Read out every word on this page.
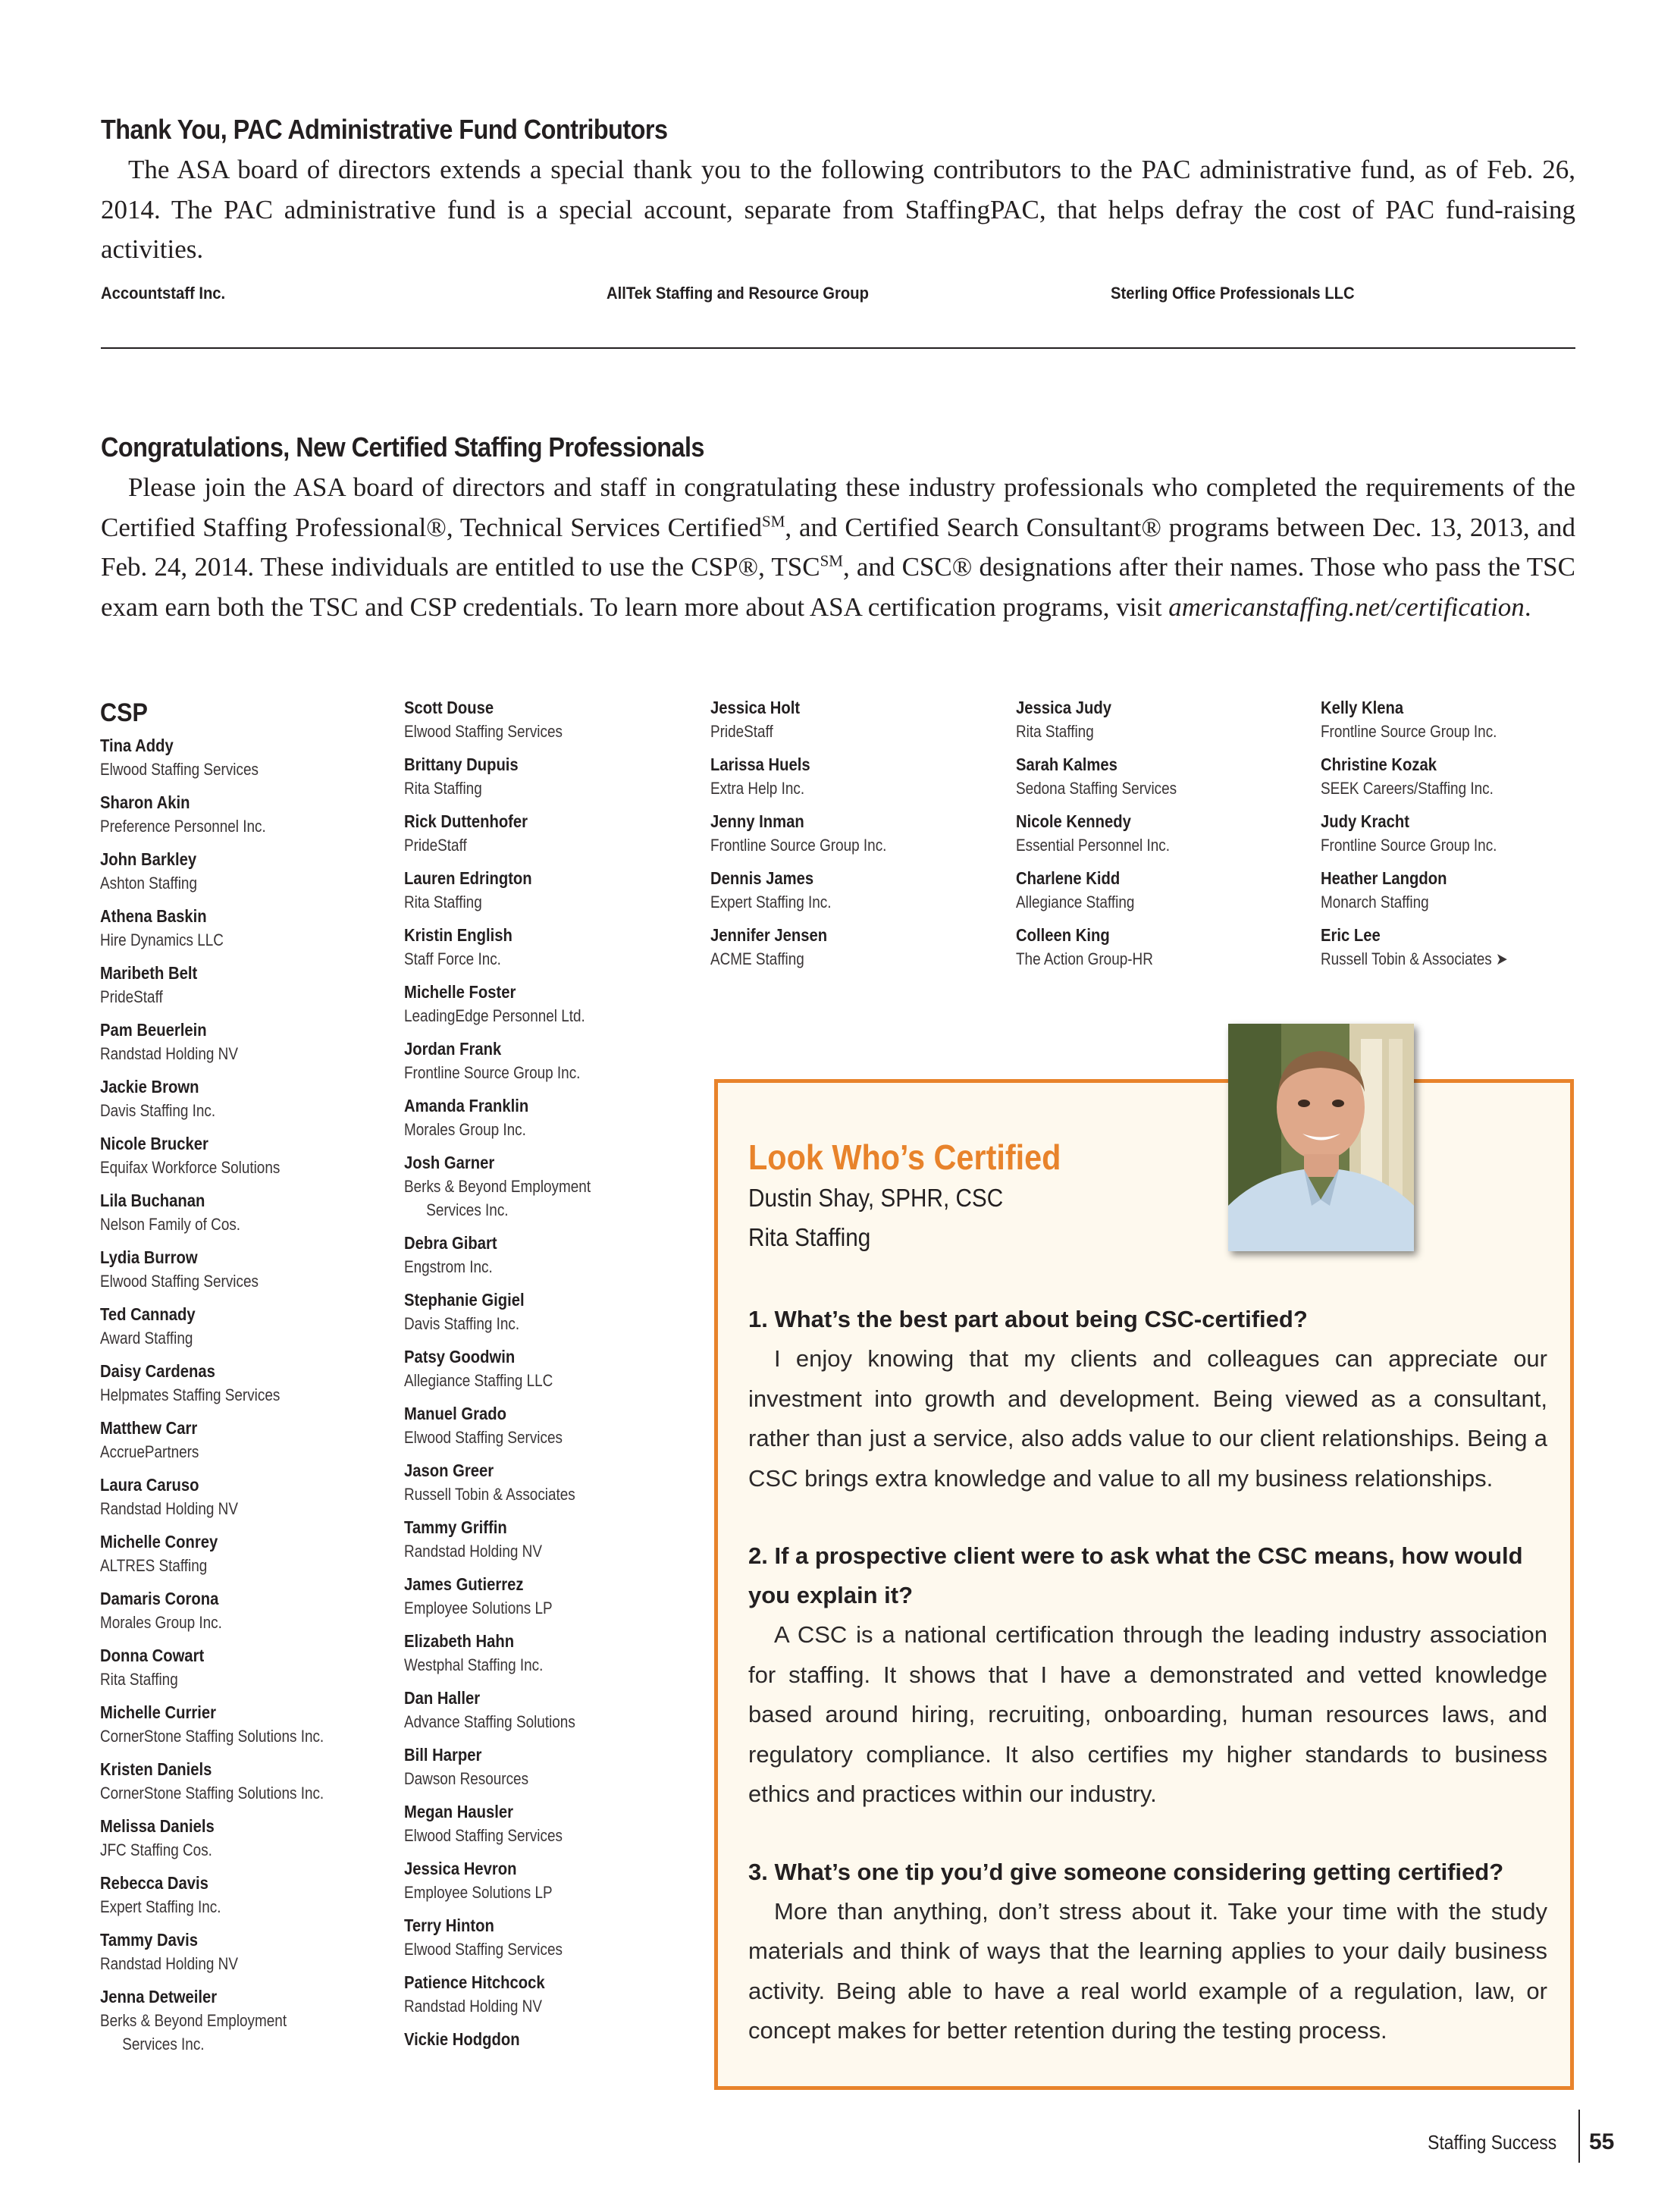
Thank You, PAC Administrative Fund Contributors

The ASA board of directors extends a special thank you to the following contributors to the PAC administrative fund, as of Feb. 26, 2014. The PAC administrative fund is a special account, separate from StaffingPAC, that helps defray the cost of PAC fund-raising activities.

Accountstaff Inc.	AllTek Staffing and Resource Group	Sterling Office Professionals LLC
Congratulations, New Certified Staffing Professionals

Please join the ASA board of directors and staff in congratulating these industry professionals who completed the requirements of the Certified Staffing Professional®, Technical Services Certified℠, and Certified Search Consultant® programs between Dec. 13, 2013, and Feb. 24, 2014. These individuals are entitled to use the CSP®, TSC℠, and CSC® designations after their names. Those who pass the TSC exam earn both the TSC and CSP credentials. To learn more about ASA certification programs, visit americanstaffing.net/certification.

CSP
Tina Addy
Elwood Staffing Services
Sharon Akin
Preference Personnel Inc.
John Barkley
Ashton Staffing
Athena Baskin
Hire Dynamics LLC
Maribeth Belt
PrideStaff
Pam Beuerlein
Randstad Holding NV
Jackie Brown
Davis Staffing Inc.
Nicole Brucker
Equifax Workforce Solutions
Lila Buchanan
Nelson Family of Cos.
Lydia Burrow
Elwood Staffing Services
Ted Cannady
Award Staffing
Daisy Cardenas
Helpmates Staffing Services
Matthew Carr
AccruePartners
Laura Caruso
Randstad Holding NV
Michelle Conrey
ALTRES Staffing
Damaris Corona
Morales Group Inc.
Donna Cowart
Rita Staffing
Michelle Currier
CornerStone Staffing Solutions Inc.
Kristen Daniels
CornerStone Staffing Solutions Inc.
Melissa Daniels
JFC Staffing Cos.
Rebecca Davis
Expert Staffing Inc.
Tammy Davis
Randstad Holding NV
Jenna Detweiler
Berks & Beyond Employment
Services Inc.
Scott Douse
Elwood Staffing Services
Brittany Dupuis
Rita Staffing
Rick Duttenhofer
PrideStaff
Lauren Edrington
Rita Staffing
Kristin English
Staff Force Inc.
Michelle Foster
LeadingEdge Personnel Ltd.
Jordan Frank
Frontline Source Group Inc.
Amanda Franklin
Morales Group Inc.
Josh Garner
Berks & Beyond Employment
Services Inc.
Debra Gibart
Engstrom Inc.
Stephanie Gigiel
Davis Staffing Inc.
Patsy Goodwin
Allegiance Staffing LLC
Manuel Grado
Elwood Staffing Services
Jason Greer
Russell Tobin & Associates
Tammy Griffin
Randstad Holding NV
James Gutierrez
Employee Solutions LP
Elizabeth Hahn
Westphal Staffing Inc.
Dan Haller
Advance Staffing Solutions
Bill Harper
Dawson Resources
Megan Hausler
Elwood Staffing Services
Jessica Hevron
Employee Solutions LP
Terry Hinton
Elwood Staffing Services
Patience Hitchcock
Randstad Holding NV
Vickie Hodgdon
Jessica Holt
PrideStaff
Larissa Huels
Extra Help Inc.
Jenny Inman
Frontline Source Group Inc.
Dennis James
Expert Staffing Inc.
Jennifer Jensen
ACME Staffing
Jessica Judy
Rita Staffing
Sarah Kalmes
Sedona Staffing Services
Nicole Kennedy
Essential Personnel Inc.
Charlene Kidd
Allegiance Staffing
Colleen King
The Action Group-HR
Kelly Klena
Frontline Source Group Inc.
Christine Kozak
SEEK Careers/Staffing Inc.
Judy Kracht
Frontline Source Group Inc.
Heather Langdon
Monarch Staffing
Eric Lee
Russell Tobin & Associates ➤
Look Who’s Certified
Dustin Shay, SPHR, CSC
Rita Staffing
1. What’s the best part about being CSC-certified?
I enjoy knowing that my clients and colleagues can appreciate our investment into growth and development. Being viewed as a consultant, rather than just a service, also adds value to our client relationships. Being a CSC brings extra knowledge and value to all my business relationships.
2. If a prospective client were to ask what the CSC means, how would you explain it?
A CSC is a national certification through the leading industry association for staffing. It shows that I have a demonstrated and vetted knowledge based around hiring, recruiting, onboarding, human resources laws, and regulatory compliance. It also certifies my higher standards to business ethics and practices within our industry.
3. What’s one tip you’d give someone considering getting certified?
More than anything, don’t stress about it. Take your time with the study materials and think of ways that the learning applies to your daily business activity. Being able to have a real world example of a regulation, law, or concept makes for better retention during the testing process.
Staffing Success 55
